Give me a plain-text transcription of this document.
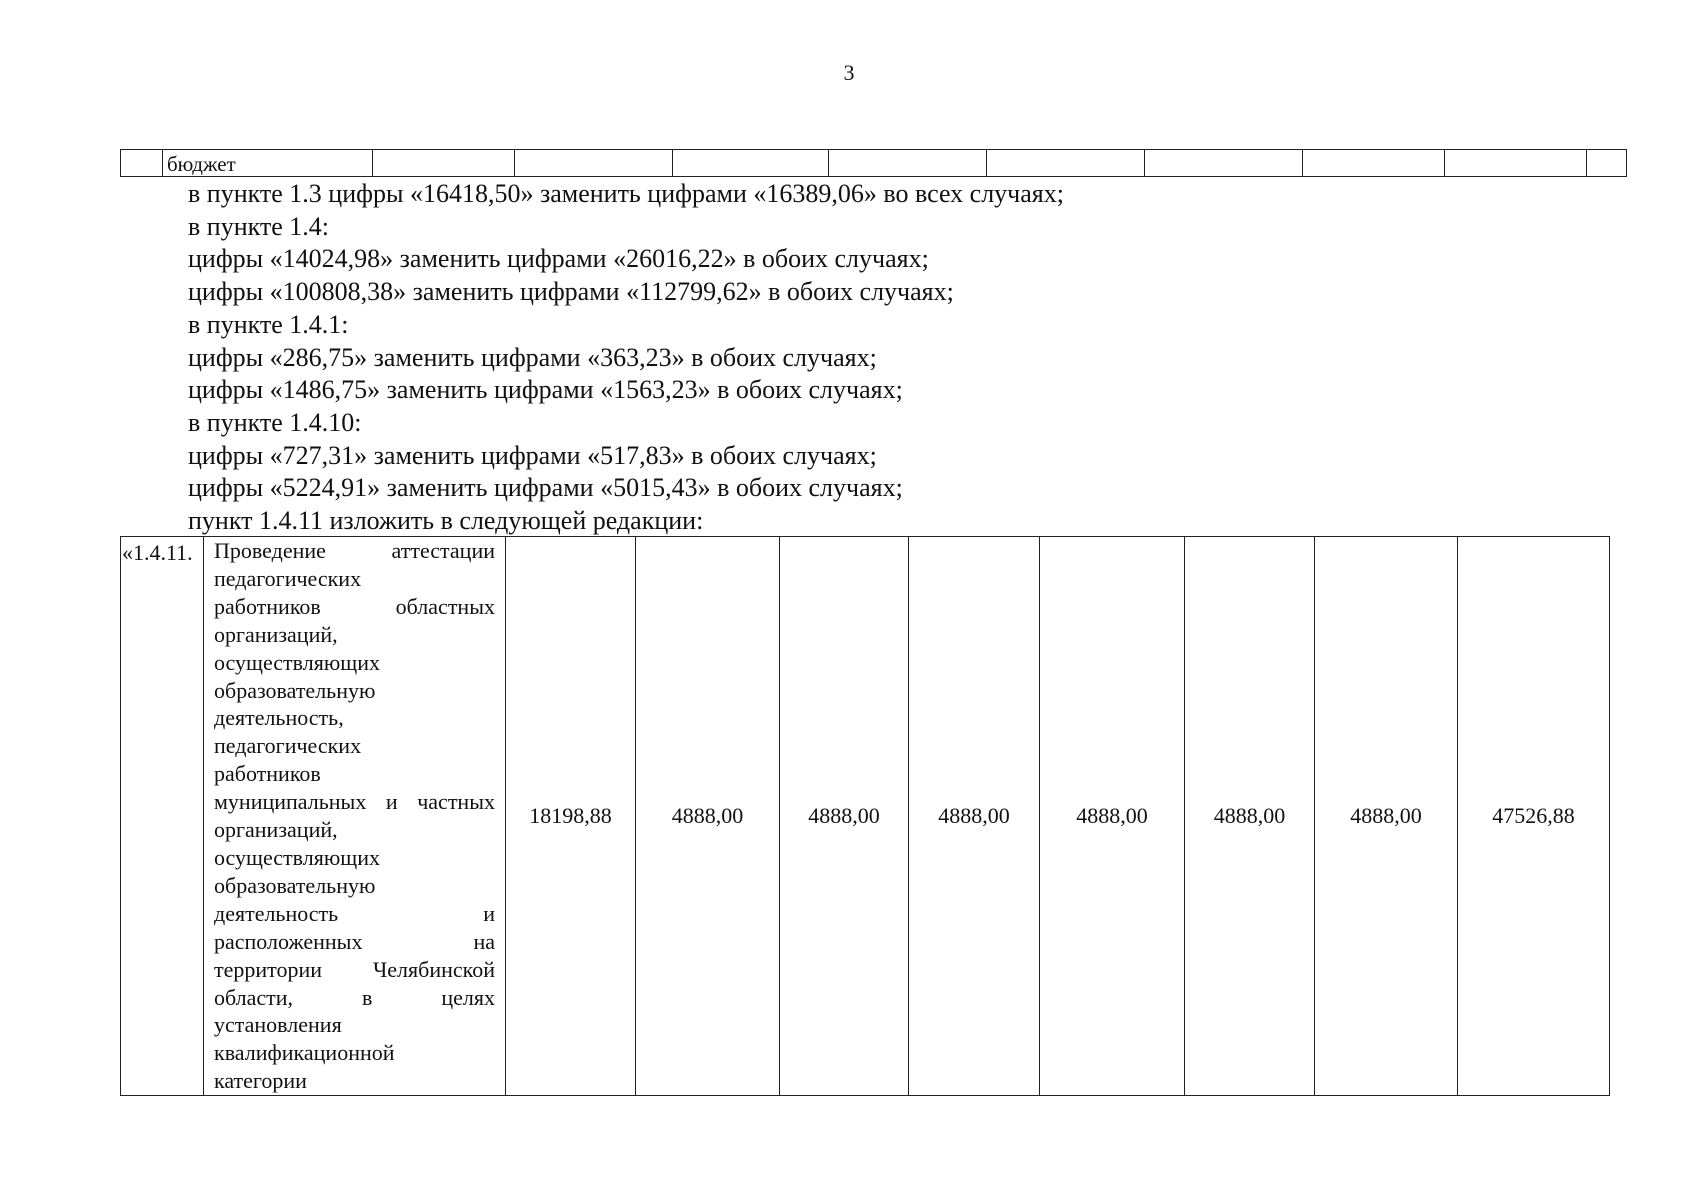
3
	бюджет									

в пункте 1.3 цифры «16418,50» заменить цифрами «16389,06» во всех случаях;

в пункте 1.4:

цифры «14024,98» заменить цифрами «26016,22» в обоих случаях;

цифры «100808,38» заменить цифрами «112799,62» в обоих случаях;

в пункте 1.4.1:

цифры «286,75» заменить цифрами «363,23» в обоих случаях;

цифры «1486,75» заменить цифрами «1563,23» в обоих случаях;

в пункте 1.4.10:

цифры «727,31» заменить цифрами «517,83» в обоих случаях;

цифры «5224,91» заменить цифрами «5015,43» в обоих случаях;

пункт 1.4.11 изложить в следующей редакции:

«1.4.11.	Проведение аттестации
педагогических
работников областных
организаций,
осуществляющих
образовательную
деятельность,
педагогических
работников
муниципальных и частных
организаций,
осуществляющих
образовательную
деятельность и
расположенных на
территории Челябинской
области, в целях
установления
квалификационной
категории
	18198,88	4888,00	4888,00	4888,00	4888,00	4888,00	4888,00	47526,88
